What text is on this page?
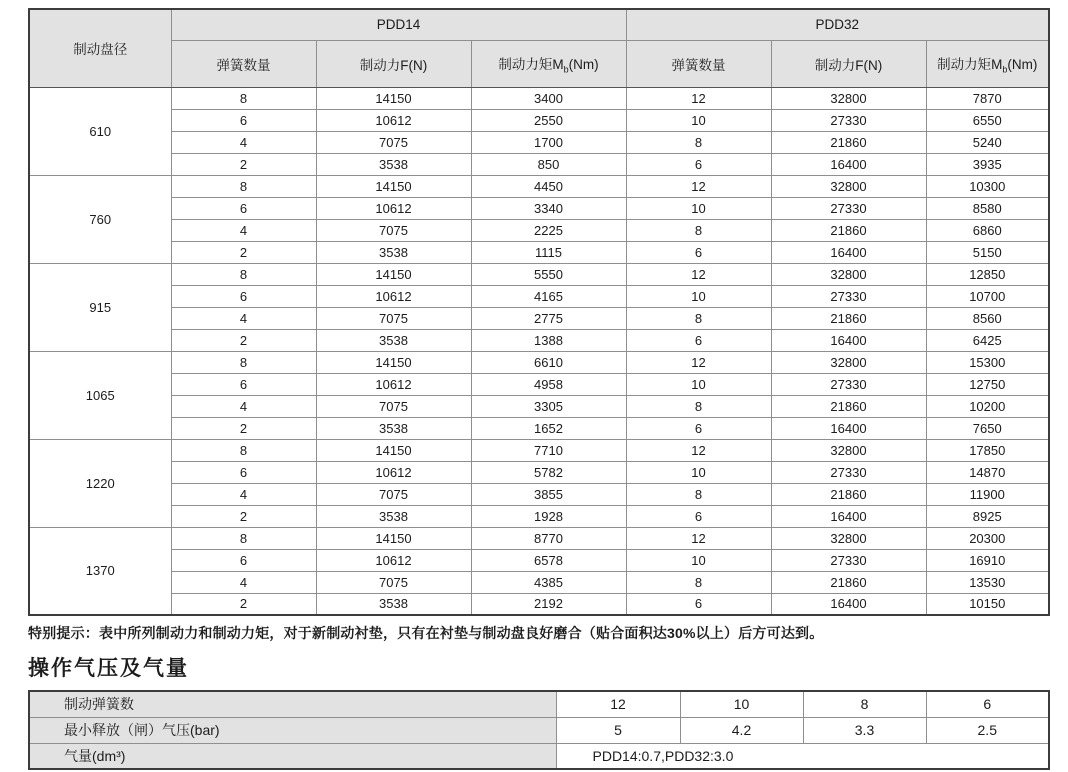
制动盘径	PDD14			PDD32		
	弹簧数量	制动力F(N)	制动力矩$M_b(Nm)$	弹簧数量	制动力F(N)	制动力矩$M_b(Nm)$
610	8	14150	3400	12	32800	7870
	6	10612	2550	10	27330	6550
	4	7075	1700	8	21860	5240
	2	3538	850	6	16400	3935
760	8	14150	4450	12	32800	10300
	6	10612	3340	10	27330	8580
	4	7075	2225	8	21860	6860
	2	3538	1115	6	16400	5150
915	8	14150	5550	12	32800	12850
	6	10612	4165	10	27330	10700
	4	7075	2775	8	21860	8560
	2	3538	1388	6	16400	6425
1065	8	14150	6610	12	32800	15300
	6	10612	4958	10	27330	12750
	4	7075	3305	8	21860	10200
	2	3538	1652	6	16400	7650
1220	8	14150	7710	12	32800	17850
	6	10612	5782	10	27330	14870
	4	7075	3855	8	21860	11900
	2	3538	1928	6	16400	8925
1370	8	14150	8770	12	32800	20300
	6	10612	6578	10	27330	16910
	4	7075	4385	8	21860	13530
	2	3538	2192	6	16400	10150

特别提示：表中所列制动力和制动力矩，对于新制动衬垫，只有在衬垫与制动盘良好磨合（贴合面积达30%以上）后方可达到。

操作气压及气量
制动弹簧数	12	10	8	6
最小释放（闸）气压(bar)	5	4.2	3.3	2.5
气量(dm³)	PDD14:0.7,PDD32:3.0			
